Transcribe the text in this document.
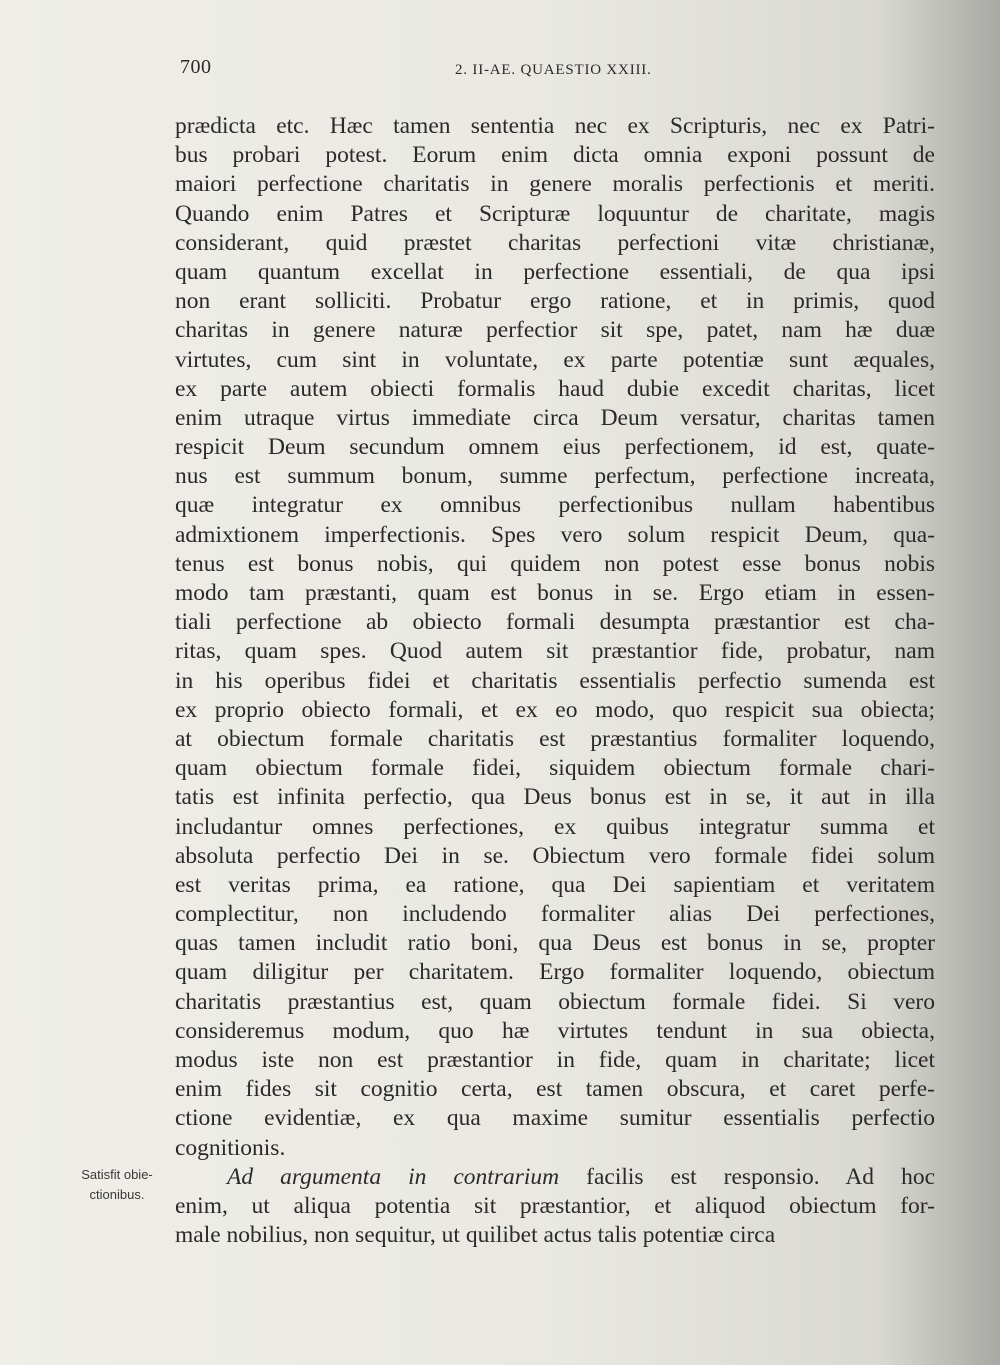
700	2. II-AE. QUAESTIO XXIII.
prædicta etc. Hæc tamen sententia nec ex Scripturis, nec ex Patri-
bus probari potest. Eorum enim dicta omnia exponi possunt de
maiori perfectione charitatis in genere moralis perfectionis et meriti.
Quando enim Patres et Scripturæ loquuntur de charitate, magis
considerant, quid præstet charitas perfectioni vitæ christianæ,
quam quantum excellat in perfectione essentiali, de qua ipsi
non erant solliciti. Probatur ergo ratione, et in primis, quod
charitas in genere naturæ perfectior sit spe, patet, nam hæ duæ
virtutes, cum sint in voluntate, ex parte potentiæ sunt æquales,
ex parte autem obiecti formalis haud dubie excedit charitas, licet
enim utraque virtus immediate circa Deum versatur, charitas tamen
respicit Deum secundum omnem eius perfectionem, id est, quate-
nus est summum bonum, summe perfectum, perfectione increata,
quæ integratur ex omnibus perfectionibus nullam habentibus
admixtionem imperfectionis. Spes vero solum respicit Deum, qua-
tenus est bonus nobis, qui quidem non potest esse bonus nobis
modo tam præstanti, quam est bonus in se. Ergo etiam in essen-
tiali perfectione ab obiecto formali desumpta præstantior est cha-
ritas, quam spes. Quod autem sit præstantior fide, probatur, nam
in his operibus fidei et charitatis essentialis perfectio sumenda est
ex proprio obiecto formali, et ex eo modo, quo respicit sua obiecta;
at obiectum formale charitatis est præstantius formaliter loquendo,
quam obiectum formale fidei, siquidem obiectum formale chari-
tatis est infinita perfectio, qua Deus bonus est in se, it aut in illa
includantur omnes perfectiones, ex quibus integratur summa et
absoluta perfectio Dei in se. Obiectum vero formale fidei solum
est veritas prima, ea ratione, qua Dei sapientiam et veritatem
complectitur, non includendo formaliter alias Dei perfectiones,
quas tamen includit ratio boni, qua Deus est bonus in se, propter
quam diligitur per charitatem. Ergo formaliter loquendo, obiectum
charitatis præstantius est, quam obiectum formale fidei. Si vero
consideremus modum, quo hæ virtutes tendunt in sua obiecta,
modus iste non est præstantior in fide, quam in charitate; licet
enim fides sit cognitio certa, est tamen obscura, et caret perfe-
ctione evidentiæ, ex qua maxime sumitur essentialis perfectio
cognitionis.
Ad argumenta in contrarium facilis est responsio. Ad hoc
enim, ut aliqua potentia sit præstantior, et aliquod obiectum for-
male nobilius, non sequitur, ut quilibet actus talis potentiæ circa
Satisfit obie-
ctionibus.
